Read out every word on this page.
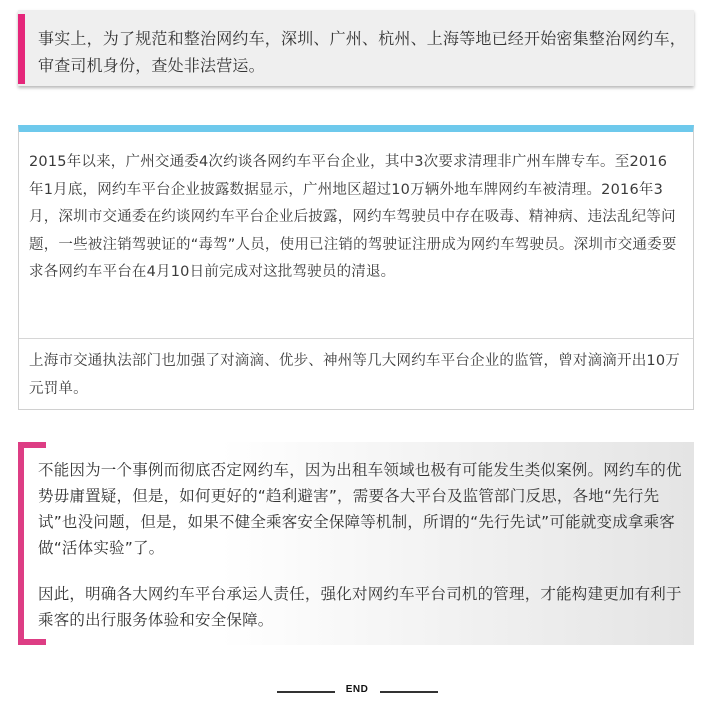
事实上，为了规范和整治网约车，深圳、广州、杭州、上海等地已经开始密集整治网约车，审查司机身份，查处非法营运。
2015年以来，广州交通委4次约谈各网约车平台企业，其中3次要求清理非广州车牌专车。至2016年1月底，网约车平台企业披露数据显示，广州地区超过10万辆外地车牌网约车被清理。2016年3月，深圳市交通委在约谈网约车平台企业后披露，网约车驾驶员中存在吸毒、精神病、违法乱纪等问题，一些被注销驾驶证的“毒驾”人员，使用已注销的驾驶证注册成为网约车驾驶员。深圳市交通委要求各网约车平台在4月10日前完成对这批驾驶员的清退。
上海市交通执法部门也加强了对滴滴、优步、神州等几大网约车平台企业的监管，曾对滴滴开出10万元罚单。
不能因为一个事例而彻底否定网约车，因为出租车领域也极有可能发生类似案例。网约车的优势毋庸置疑，但是，如何更好的“趋利避害”，需要各大平台及监管部门反思，各地“先行先试”也没问题，但是，如果不健全乘客安全保障等机制，所谓的“先行先试”可能就变成拿乘客做“活体实验”了。
因此，明确各大网约车平台承运人责任，强化对网约车平台司机的管理，才能构建更加有利于乘客的出行服务体验和安全保障。
END
